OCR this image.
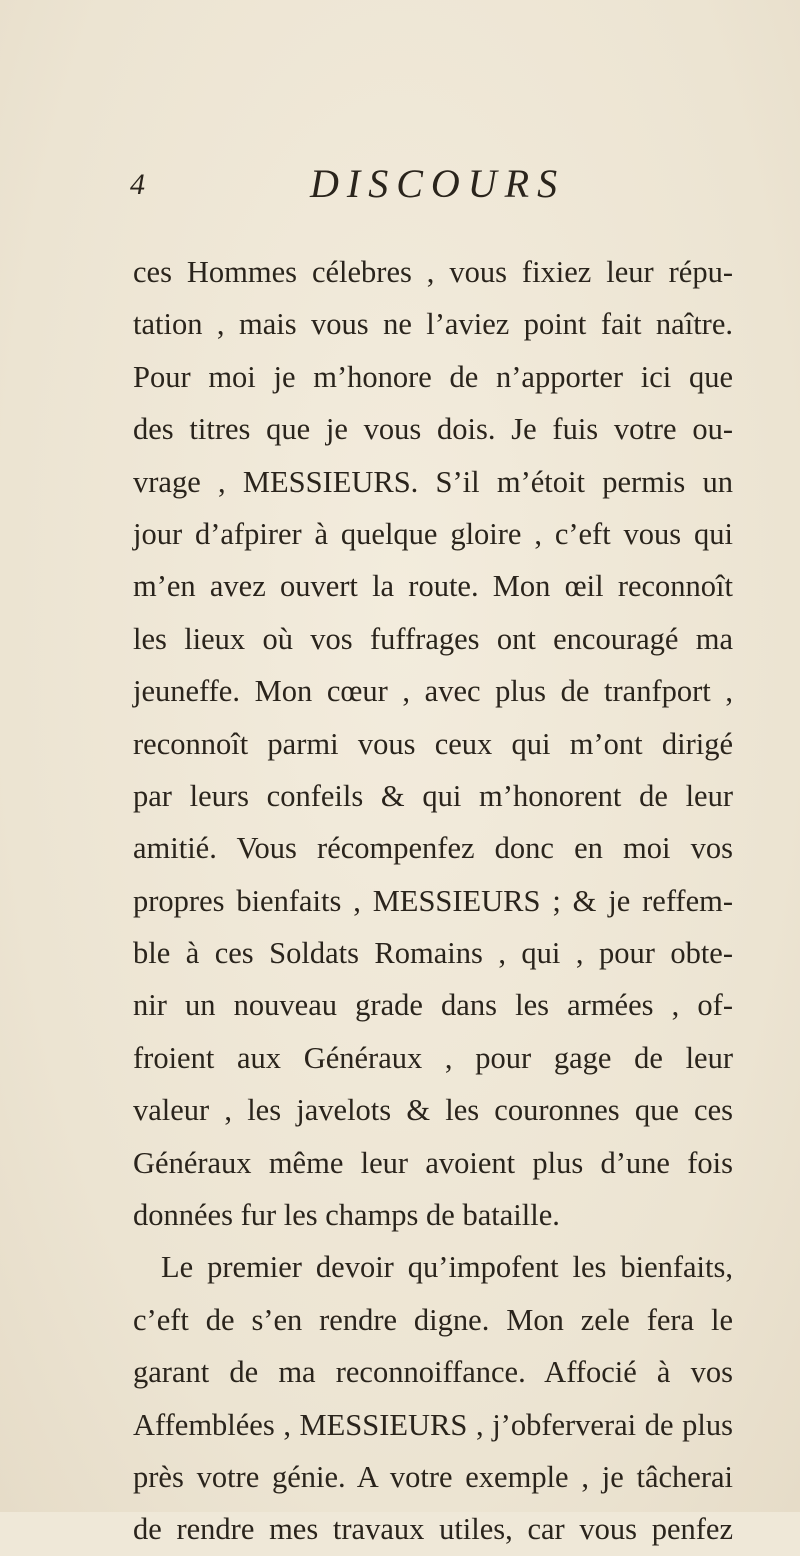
4	DISCOURS
ces Hommes célebres , vous fixiez leur répu-
tation , mais vous ne l’aviez point fait naître.
Pour moi je m’honore de n’apporter ici que
des titres que je vous dois. Je fuis votre ou-
vrage , MESSIEURS. S’il m’étoit permis un
jour d’afpirer à quelque gloire , c’eft vous qui
m’en avez ouvert la route. Mon œil reconnoît
les lieux où vos fuffrages ont encouragé ma
jeuneffe. Mon cœur , avec plus de tranfport ,
reconnoît parmi vous ceux qui m’ont dirigé
par leurs confeils & qui m’honorent de leur
amitié. Vous récompenfez donc en moi vos
propres bienfaits , MESSIEURS ; & je reffem-
ble à ces Soldats Romains , qui , pour obte-
nir un nouveau grade dans les armées , of-
froient aux Généraux , pour gage de leur
valeur , les javelots & les couronnes que ces
Généraux même leur avoient plus d’une fois
données fur les champs de bataille.
Le premier devoir qu’impofent les bienfaits,
c’eft de s’en rendre digne. Mon zele fera le
garant de ma reconnoiffance. Affocié à vos
Affemblées , MESSIEURS , j’obferverai de plus
près votre génie. A votre exemple , je tâcherai
de rendre mes travaux utiles, car vous penfez
